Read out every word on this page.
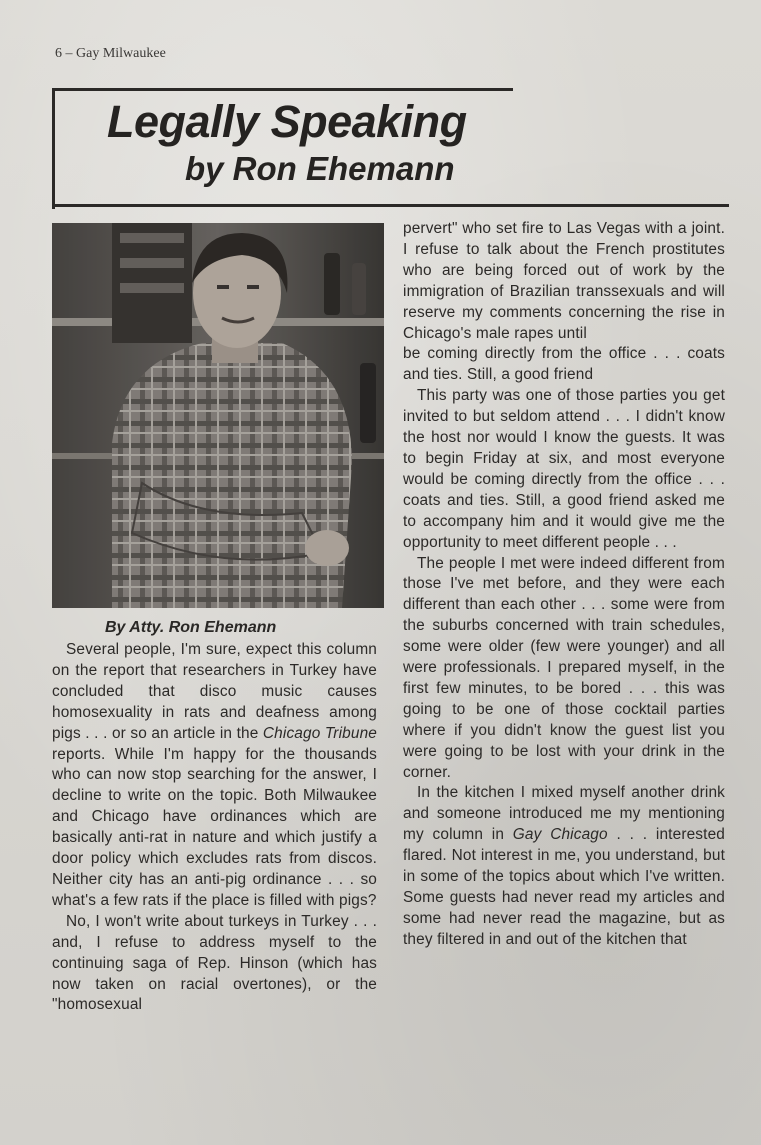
6 – Gay Milwaukee
Legally Speaking
by Ron Ehemann
By Atty. Ron Ehemann

Several people, I'm sure, expect this column on the report that researchers in Turkey have concluded that disco music causes homosexuality in rats and deafness among pigs . . . or so an article in the Chicago Tribune reports. While I'm happy for the thousands who can now stop searching for the answer, I decline to write on the topic. Both Milwaukee and Chicago have ordinances which are basically anti-rat in nature and which justify a door policy which excludes rats from discos. Neither city has an anti-pig ordinance . . . so what's a few rats if the place is filled with pigs?

No, I won't write about turkeys in Turkey . . . and, I refuse to address myself to the continuing saga of Rep. Hinson (which has now taken on racial overtones), or the "homosexual

pervert" who set fire to Las Vegas with a joint. I refuse to talk about the French prostitutes who are being forced out of work by the immigration of Brazilian transsexuals and will reserve my comments concerning the rise in Chicago's male rapes until

be coming directly from the office . . . coats and ties. Still, a good friend

This party was one of those parties you get invited to but seldom attend . . . I didn't know the host nor would I know the guests. It was to begin Friday at six, and most everyone would be coming directly from the office . . . coats and ties. Still, a good friend asked me to accompany him and it would give me the opportunity to meet different people . . .

The people I met were indeed different from those I've met before, and they were each different than each other . . . some were from the suburbs concerned with train schedules, some were older (few were younger) and all were professionals. I prepared myself, in the first few minutes, to be bored . . . this was going to be one of those cocktail parties where if you didn't know the guest list you were going to be lost with your drink in the corner.

In the kitchen I mixed myself another drink and someone introduced me my mentioning my column in Gay Chicago . . . interested flared. Not interest in me, you understand, but in some of the topics about which I've written. Some guests had never read my articles and some had never read the magazine, but as they filtered in and out of the kitchen that
